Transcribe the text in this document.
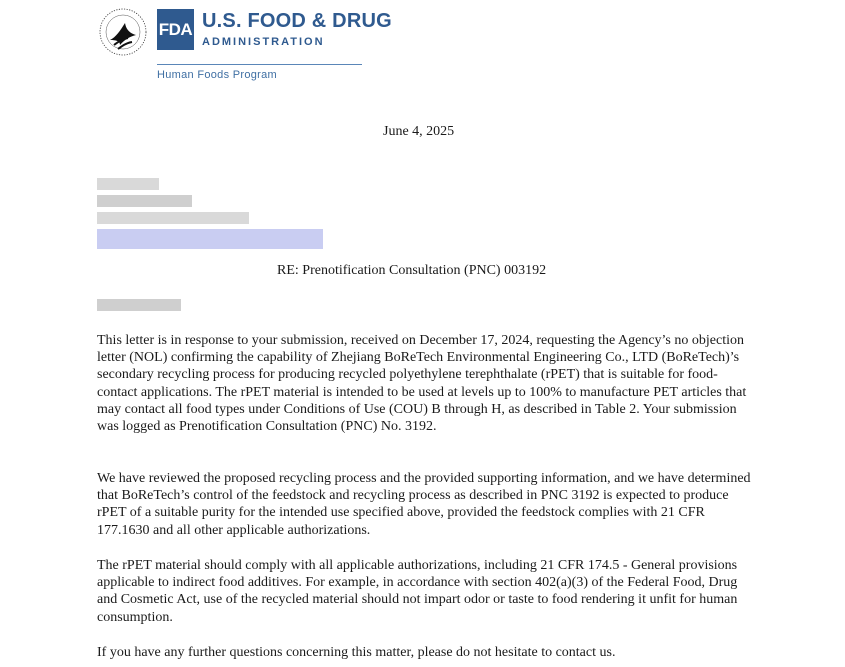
FDA U.S. FOOD & DRUG
ADMINISTRATION
Human Foods Program
June 4, 2025
RE: Prenotification Consultation (PNC) 003192

This letter is in response to your submission, received on December 17, 2024, requesting the Agency’s no objection letter (NOL) confirming the capability of Zhejiang BoReTech Environmental Engineering Co., LTD (BoReTech)’s secondary recycling process for producing recycled polyethylene terephthalate (rPET) that is suitable for food-contact applications. The rPET material is intended to be used at levels up to 100% to manufacture PET articles that may contact all food types under Conditions of Use (COU) B through H, as described in Table 2. Your submission was logged as Prenotification Consultation (PNC) No. 3192.

We have reviewed the proposed recycling process and the provided supporting information, and we have determined that BoReTech’s control of the feedstock and recycling process as described in PNC 3192 is expected to produce rPET of a suitable purity for the intended use specified above, provided the feedstock complies with 21 CFR 177.1630 and all other applicable authorizations.

The rPET material should comply with all applicable authorizations, including 21 CFR 174.5 - General provisions applicable to indirect food additives. For example, in accordance with section 402(a)(3) of the Federal Food, Drug and Cosmetic Act, use of the recycled material should not impart odor or taste to food rendering it unfit for human consumption.

If you have any further questions concerning this matter, please do not hesitate to contact us.
